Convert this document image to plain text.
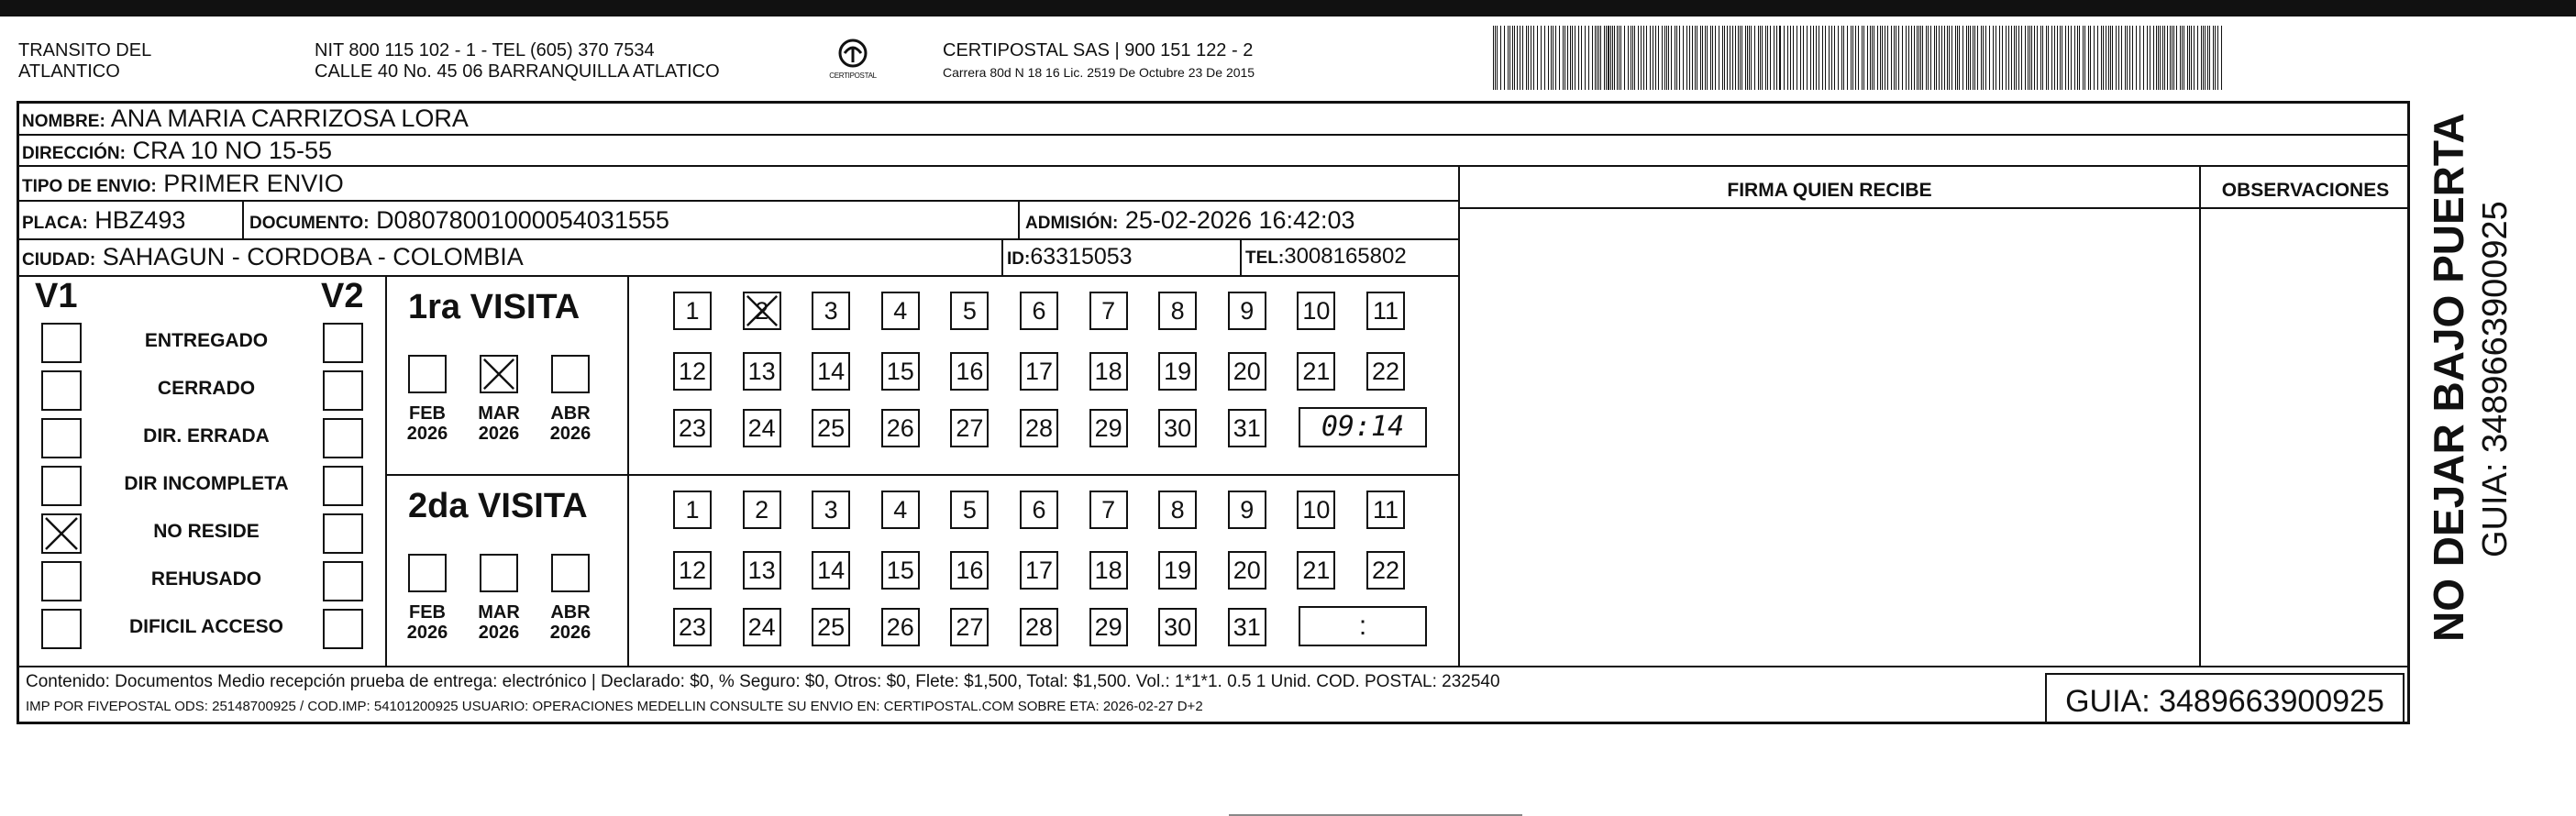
TRANSITO DEL
ATLANTICO
NIT 800 115 102 - 1 - TEL (605) 370 7534
CALLE 40 No. 45 06 BARRANQUILLA ATLATICO	CERTIPOSTAL
CERTIPOSTAL SAS | 900 151 122 - 2
Carrera 80d N 18 16 Lic. 2519 De Octubre 23 De 2015
NOMBRE: ANA MARIA CARRIZOSA LORA
DIRECCIÓN: CRA 10 NO 15-55
TIPO DE ENVIO: PRIMER ENVIO	FIRMA QUIEN RECIBE	OBSERVACIONES
PLACA: HBZ493	DOCUMENTO: D08078001000054031555	ADMISIÓN: 25-02-2026 16:42:03
CIUDAD: SAHAGUN - CORDOBA - COLOMBIA	ID:63315053	TEL:3008165802
V1	V2
ENTREGADO
CERRADO
DIR. ERRADA
DIR INCOMPLETA
NO RESIDE
REHUSADO
DIFICIL ACCESO
1ra VISITA
FEB
2026
MAR
2026
ABR
2026
1	2	3	4	5	6	7	8	9	10 11
12 13 14 15 16 17 18 19 20 21 22
23 24 25 26 27 28 29 30 31	09:14
2da VISITA
FEB
2026
MAR
2026
ABR
2026
1	2	3	4	5	6	7	8	9	10 11
12 13 14 15 16 17 18 19 20 21 22
23 24 25 26 27 28 29 30 31	:
Contenido: Documentos Medio recepción prueba de entrega: electrónico | Declarado: $0, % Seguro: $0, Otros: $0, Flete: $1,500, Total: $1,500. Vol.: 1*1*1. 0.5 1 Unid. COD. POSTAL: 232540
IMP POR FIVEPOSTAL ODS: 25148700925 / COD.IMP: 54101200925 USUARIO: OPERACIONES MEDELLIN CONSULTE SU ENVIO EN: CERTIPOSTAL.COM SOBRE ETA: 2026-02-27 D+2	GUIA: 3489663900925
NO DEJAR BAJO PUERTA GUIA: 3489663900925
